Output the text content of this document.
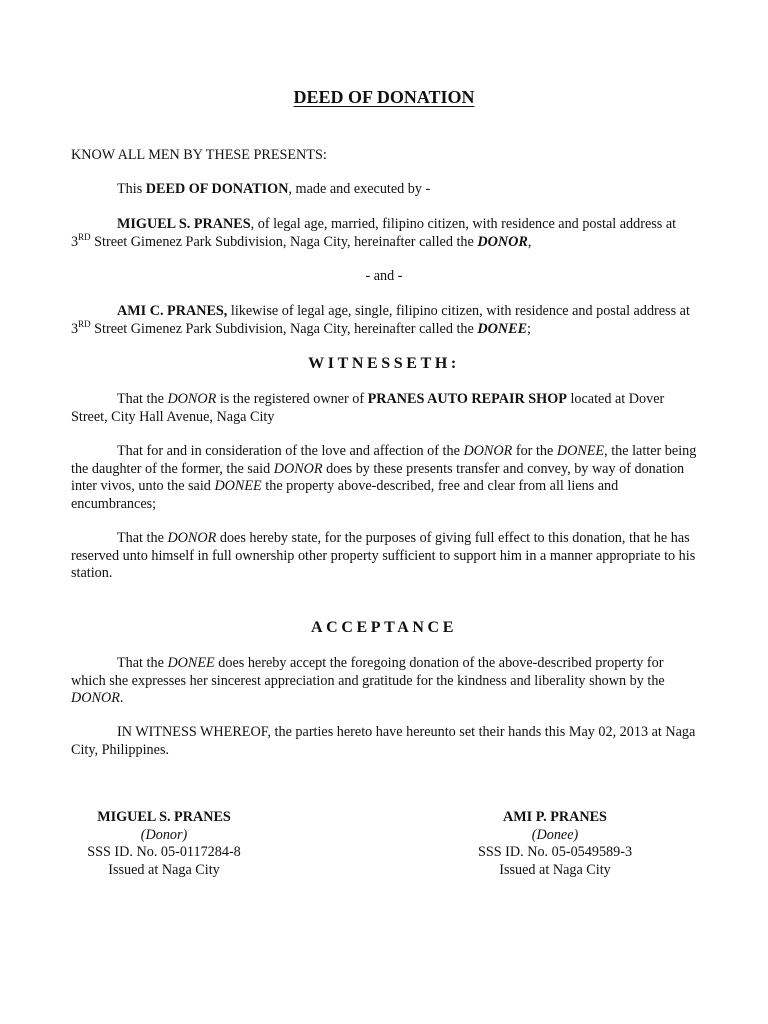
DEED OF DONATION

KNOW ALL MEN BY THESE PRESENTS:

This DEED OF DONATION, made and executed by -

MIGUEL S. PRANES, of legal age, married, filipino citizen, with residence and postal address at 3RD Street Gimenez Park Subdivision, Naga City, hereinafter called the DONOR,

- and -

AMI C. PRANES, likewise of legal age, single, filipino citizen, with residence and postal address at 3RD Street Gimenez Park Subdivision, Naga City, hereinafter called the DONEE;

WITNESSETH:

That the DONOR is the registered owner of PRANES AUTO REPAIR SHOP located at Dover Street, City Hall Avenue, Naga City

That for and in consideration of the love and affection of the DONOR for the DONEE, the latter being the daughter of the former, the said DONOR does by these presents transfer and convey, by way of donation inter vivos, unto the said DONEE the property above-described, free and clear from all liens and encumbrances;

That the DONOR does hereby state, for the purposes of giving full effect to this donation, that he has reserved unto himself in full ownership other property sufficient to support him in a manner appropriate to his station.

ACCEPTANCE

That the DONEE does hereby accept the foregoing donation of the above-described property for which she expresses her sincerest appreciation and gratitude for the kindness and liberality shown by the DONOR.

IN WITNESS WHEREOF, the parties hereto have hereunto set their hands this May 02, 2013 at Naga City, Philippines.

MIGUEL S. PRANES
(Donor)
SSS ID. No. 05-0117284-8
Issued at Naga City
AMI P. PRANES
(Donee)
SSS ID. No. 05-0549589-3
Issued at Naga City
